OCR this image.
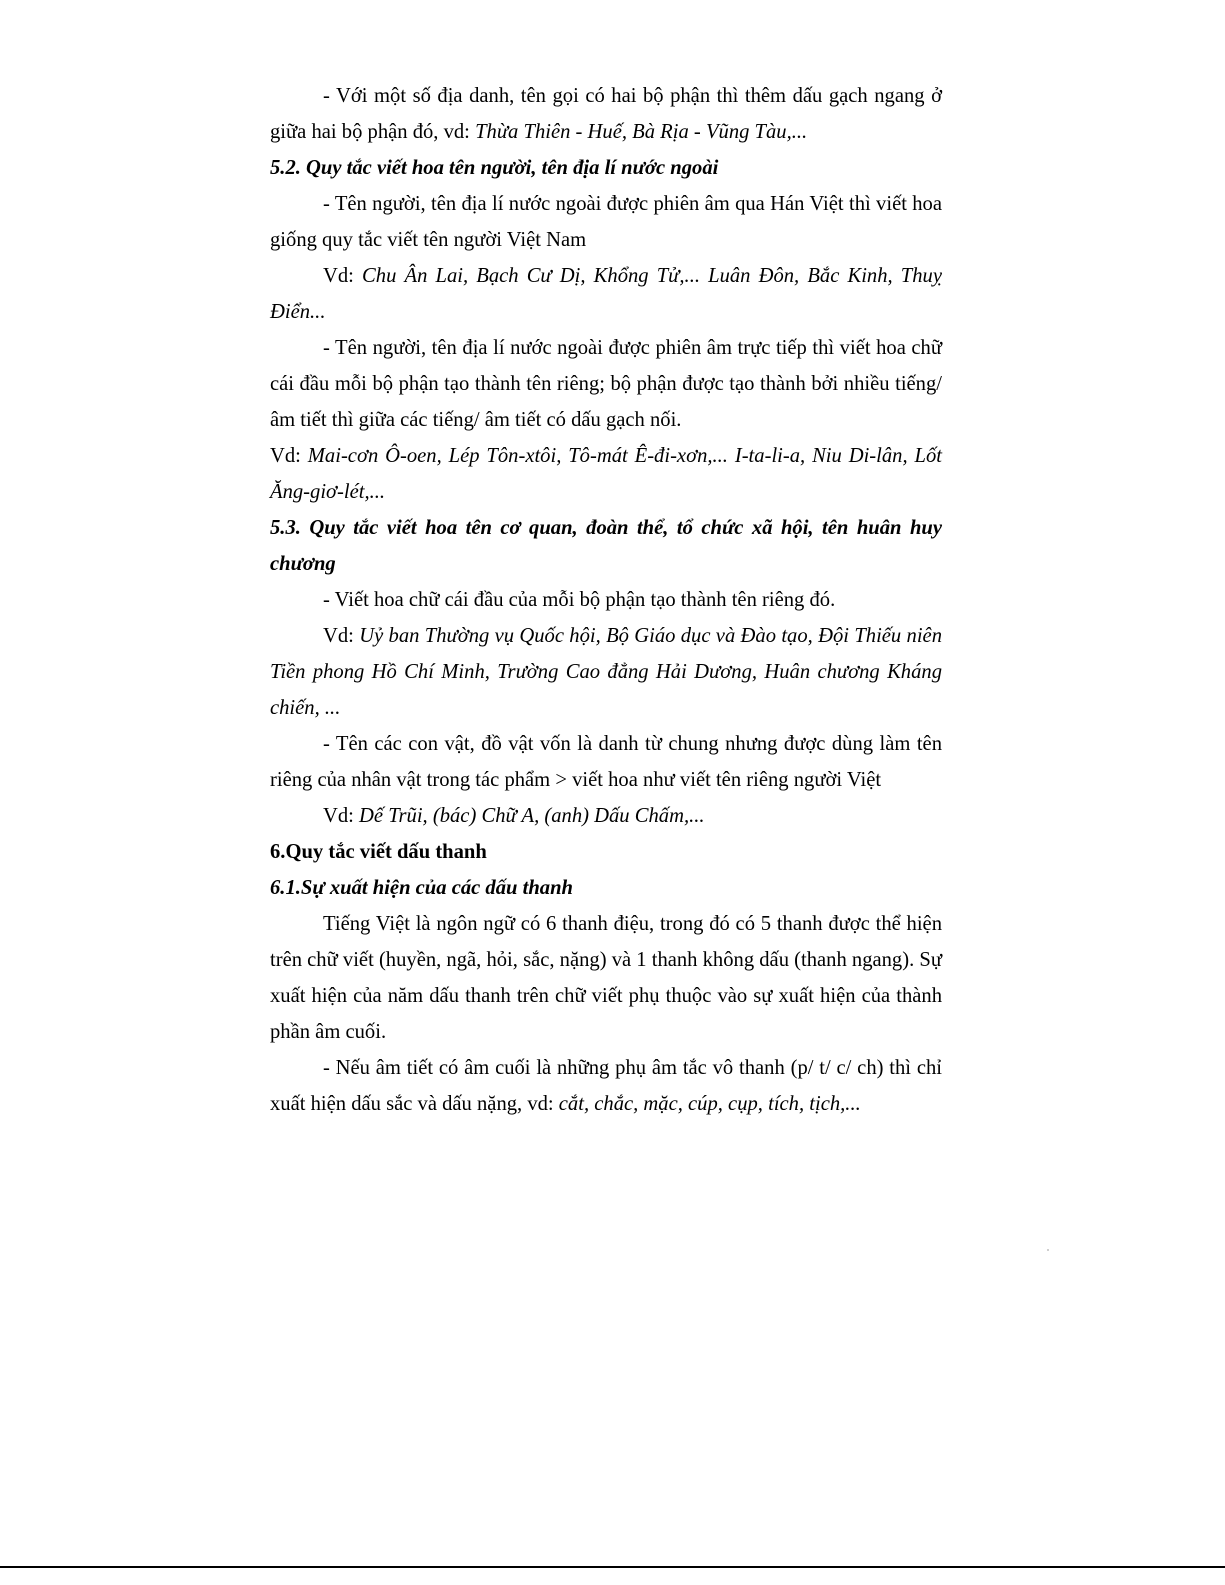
- Với một số địa danh, tên gọi có hai bộ phận thì thêm dấu gạch ngang ở giữa hai bộ phận đó, vd: Thừa Thiên - Huế, Bà Rịa - Vũng Tàu,...

5.2. Quy tắc viết hoa tên người, tên địa lí nước ngoài

- Tên người, tên địa lí nước ngoài được phiên âm qua Hán Việt thì viết hoa giống quy tắc viết tên người Việt Nam

Vd: Chu Ân Lai, Bạch Cư Dị, Khổng Tử,... Luân Đôn, Bắc Kinh, Thuỵ Điển...

- Tên người, tên địa lí nước ngoài được phiên âm trực tiếp thì viết hoa chữ cái đầu mỗi bộ phận tạo thành tên riêng; bộ phận được tạo thành bởi nhiều tiếng/ âm tiết thì giữa các tiếng/ âm tiết có dấu gạch nối.

Vd: Mai-cơn Ô-oen, Lép Tôn-xtôi, Tô-mát Ê-đi-xơn,... I-ta-li-a, Niu Di-lân, Lốt Ăng-giơ-lét,...

5.3. Quy tắc viết hoa tên cơ quan, đoàn thể, tổ chức xã hội, tên huân huy chương

- Viết hoa chữ cái đầu của mỗi bộ phận tạo thành tên riêng đó.

Vd: Uỷ ban Thường vụ Quốc hội, Bộ Giáo dục và Đào tạo, Đội Thiếu niên Tiền phong Hồ Chí Minh, Trường Cao đẳng Hải Dương, Huân chương Kháng chiến, ...

- Tên các con vật, đồ vật vốn là danh từ chung nhưng được dùng làm tên riêng của nhân vật trong tác phẩm > viết hoa như viết tên riêng người Việt

Vd: Dế Trũi, (bác) Chữ A, (anh) Dấu Chấm,...

6.Quy tắc viết dấu thanh

6.1.Sự xuất hiện của các dấu thanh

Tiếng Việt là ngôn ngữ có 6 thanh điệu, trong đó có 5 thanh được thể hiện trên chữ viết (huyền, ngã, hỏi, sắc, nặng) và 1 thanh không dấu (thanh ngang). Sự xuất hiện của năm dấu thanh trên chữ viết phụ thuộc vào sự xuất hiện của thành phần âm cuối.

- Nếu âm tiết có âm cuối là những phụ âm tắc vô thanh (p/ t/ c/ ch) thì chỉ xuất hiện dấu sắc và dấu nặng, vd: cắt, chắc, mặc, cúp, cụp, tích, tịch,...
